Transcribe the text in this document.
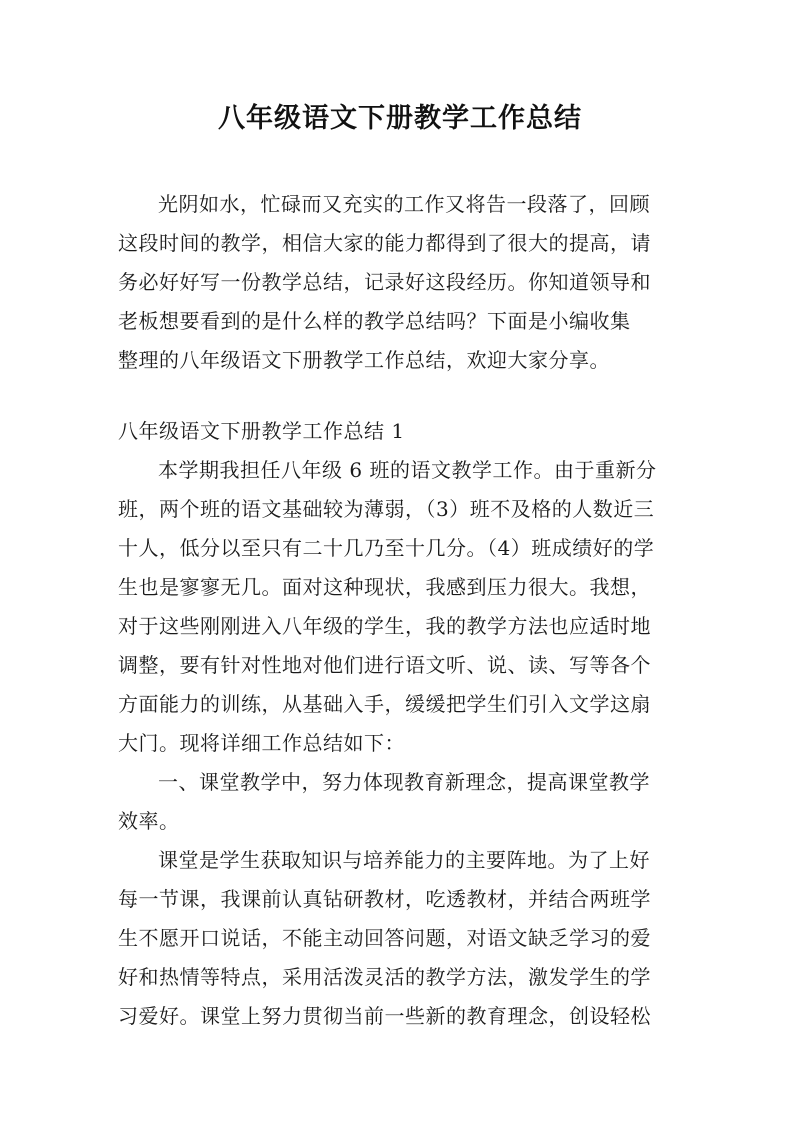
八年级语文下册教学工作总结
光阴如水，忙碌而又充实的工作又将告一段落了，回顾
这段时间的教学，相信大家的能力都得到了很大的提高，请
务必好好写一份教学总结，记录好这段经历。你知道领导和
老板想要看到的是什么样的教学总结吗？下面是小编收集
整理的八年级语文下册教学工作总结，欢迎大家分享。
八年级语文下册教学工作总结 1
本学期我担任八年级 6 班的语文教学工作。由于重新分
班，两个班的语文基础较为薄弱，（3）班不及格的人数近三
十人，低分以至只有二十几乃至十几分。（4）班成绩好的学
生也是寥寥无几。面对这种现状，我感到压力很大。我想，
对于这些刚刚进入八年级的学生，我的教学方法也应适时地
调整，要有针对性地对他们进行语文听、说、读、写等各个
方面能力的训练，从基础入手，缓缓把学生们引入文学这扇
大门。现将详细工作总结如下：
一、课堂教学中，努力体现教育新理念，提高课堂教学
效率。
课堂是学生获取知识与培养能力的主要阵地。为了上好
每一节课，我课前认真钻研教材，吃透教材，并结合两班学
生不愿开口说话，不能主动回答问题，对语文缺乏学习的爱
好和热情等特点，采用活泼灵活的教学方法，激发学生的学
习爱好。课堂上努力贯彻当前一些新的教育理念，创设轻松
